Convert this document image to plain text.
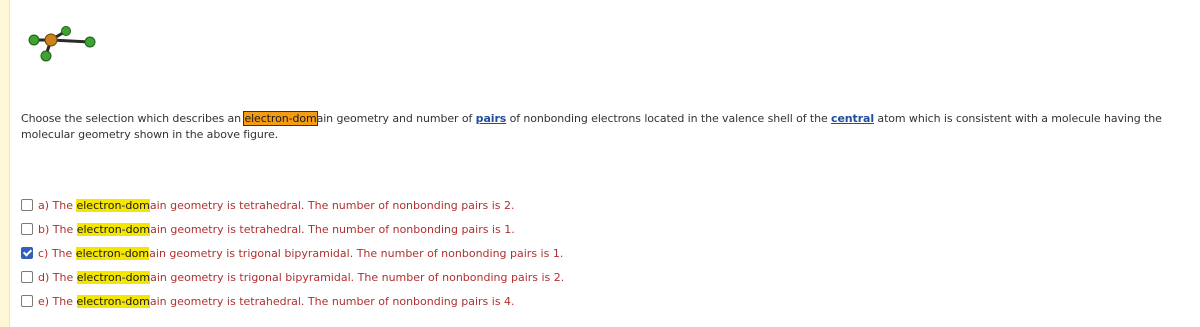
Choose the selection which describes an electron-domain geometry and number of pairs of nonbonding electrons located in the valence shell of the central atom which is consistent with a molecule having the molecular geometry shown in the above figure.
a) The electron-domain geometry is tetrahedral. The number of nonbonding pairs is 2.
b) The electron-domain geometry is tetrahedral. The number of nonbonding pairs is 1.
c) The electron-domain geometry is trigonal bipyramidal. The number of nonbonding pairs is 1.
d) The electron-domain geometry is trigonal bipyramidal. The number of nonbonding pairs is 2.
e) The electron-domain geometry is tetrahedral. The number of nonbonding pairs is 4.
